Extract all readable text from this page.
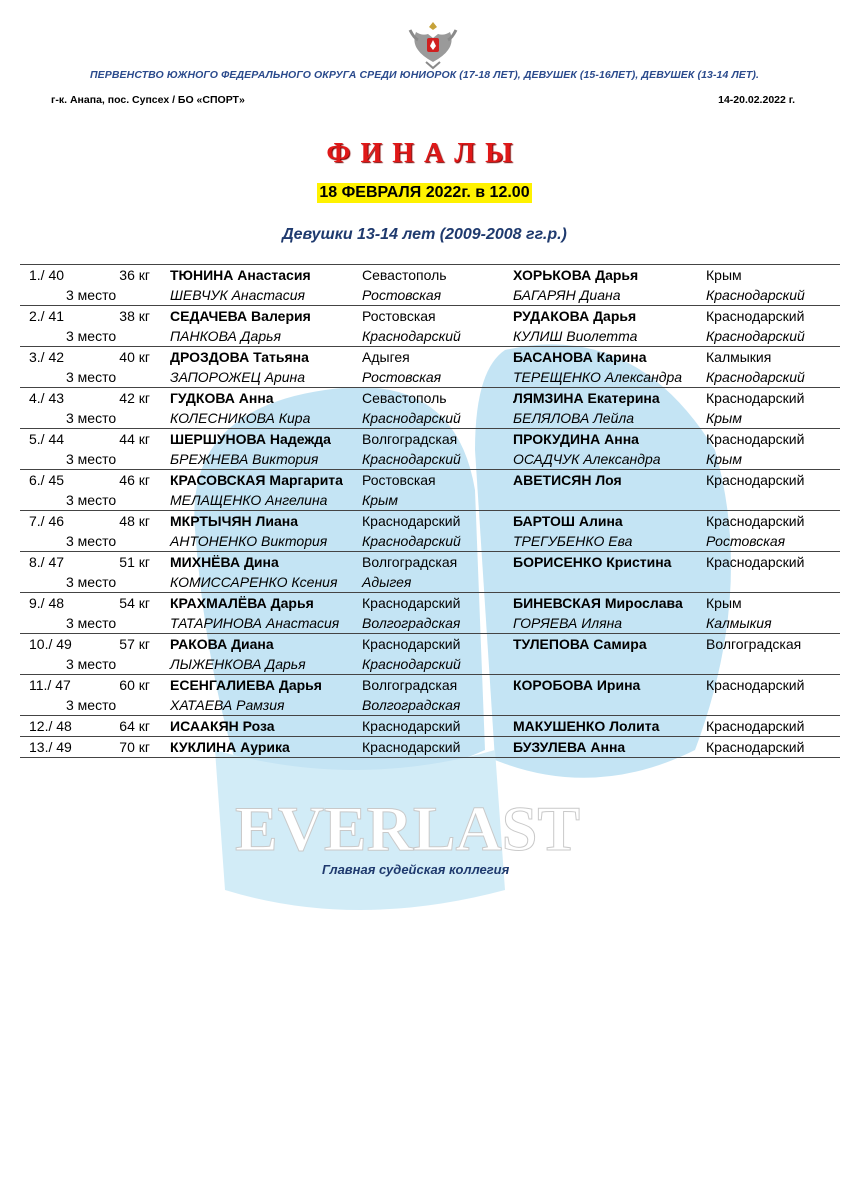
ПЕРВЕНСТВО ЮЖНОГО ФЕДЕРАЛЬНОГО ОКРУГА СРЕДИ ЮНИОРОК (17-18 ЛЕТ), ДЕВУШЕК (15-16ЛЕТ), ДЕВУШЕК (13-14 ЛЕТ).
г-к. Анапа, пос. Супсех / БО «СПОРТ»	14-20.02.2022 г.
ФИНАЛЫ
18 ФЕВРАЛЯ 2022г. в 12.00
Девушки 13-14 лет (2009-2008 гг.р.)
EVERLAST
1./ 40	36 кг ТЮНИНА Анастасия	Севастополь	ХОРЬКОВА Дарья	Крым
3 место	ШЕВЧУК Анастасия	Ростовская	БАГАРЯН Диана	Краснодарский
2./ 41	38 кг СЕДАЧЕВА Валерия	Ростовская	РУДАКОВА Дарья	Краснодарский
3 место	ПАНКОВА Дарья	Краснодарский	КУЛИШ Виолетта	Краснодарский
3./ 42	40 кг ДРОЗДОВА Татьяна	Адыгея	БАСАНОВА Карина	Калмыкия
3 место	ЗАПОРОЖЕЦ Арина	Ростовская	ТЕРЕЩЕНКО Александра Краснодарский
4./ 43	42 кг ГУДКОВА Анна	Севастополь	ЛЯМЗИНА Екатерина	Краснодарский
3 место	КОЛЕСНИКОВА Кира	Краснодарский	БЕЛЯЛОВА Лейла	Крым
5./ 44	44 кг ШЕРШУНОВА Надежда Волгоградская	ПРОКУДИНА Анна	Краснодарский
3 место	БРЕЖНЕВА Виктория	Краснодарский	ОСАДЧУК Александра	Крым
6./ 45	46 кг КРАСОВСКАЯ Маргарита Ростовская	АВЕТИСЯН Лоя	Краснодарский
3 место	МЕЛАЩЕНКО Ангелина Крым
7./ 46	48 кг МКРТЫЧЯН Лиана	Краснодарский	БАРТОШ Алина	Краснодарский
3 место	АНТОНЕНКО Виктория Краснодарский	ТРЕГУБЕНКО Ева	Ростовская
8./ 47	51 кг МИХНЁВА Дина	Волгоградская	БОРИСЕНКО Кристина Краснодарский
3 место	КОМИССАРЕНКО Ксения Адыгея
9./ 48	54 кг КРАХМАЛЁВА Дарья	Краснодарский	БИНЕВСКАЯ Мирослава Крым
3 место	ТАТАРИНОВА Анастасия Волгоградская	ГОРЯЕВА Иляна	Калмыкия
10./ 49	57 кг РАКОВА Диана	Краснодарский	ТУЛЕПОВА Самира	Волгоградская
3 место	ЛЫЖЕНКОВА Дарья	Краснодарский
11./ 47	60 кг ЕСЕНГАЛИЕВА Дарья	Волгоградская	КОРОБОВА Ирина	Краснодарский
3 место	ХАТАЕВА Рамзия	Волгоградская
12./ 48	64 кг ИСААКЯН Роза	Краснодарский	МАКУШЕНКО Лолита	Краснодарский
13./ 49	70 кг КУКЛИНА Аурика	Краснодарский	БУЗУЛЕВА Анна	Краснодарский
Главная судейская коллегия
